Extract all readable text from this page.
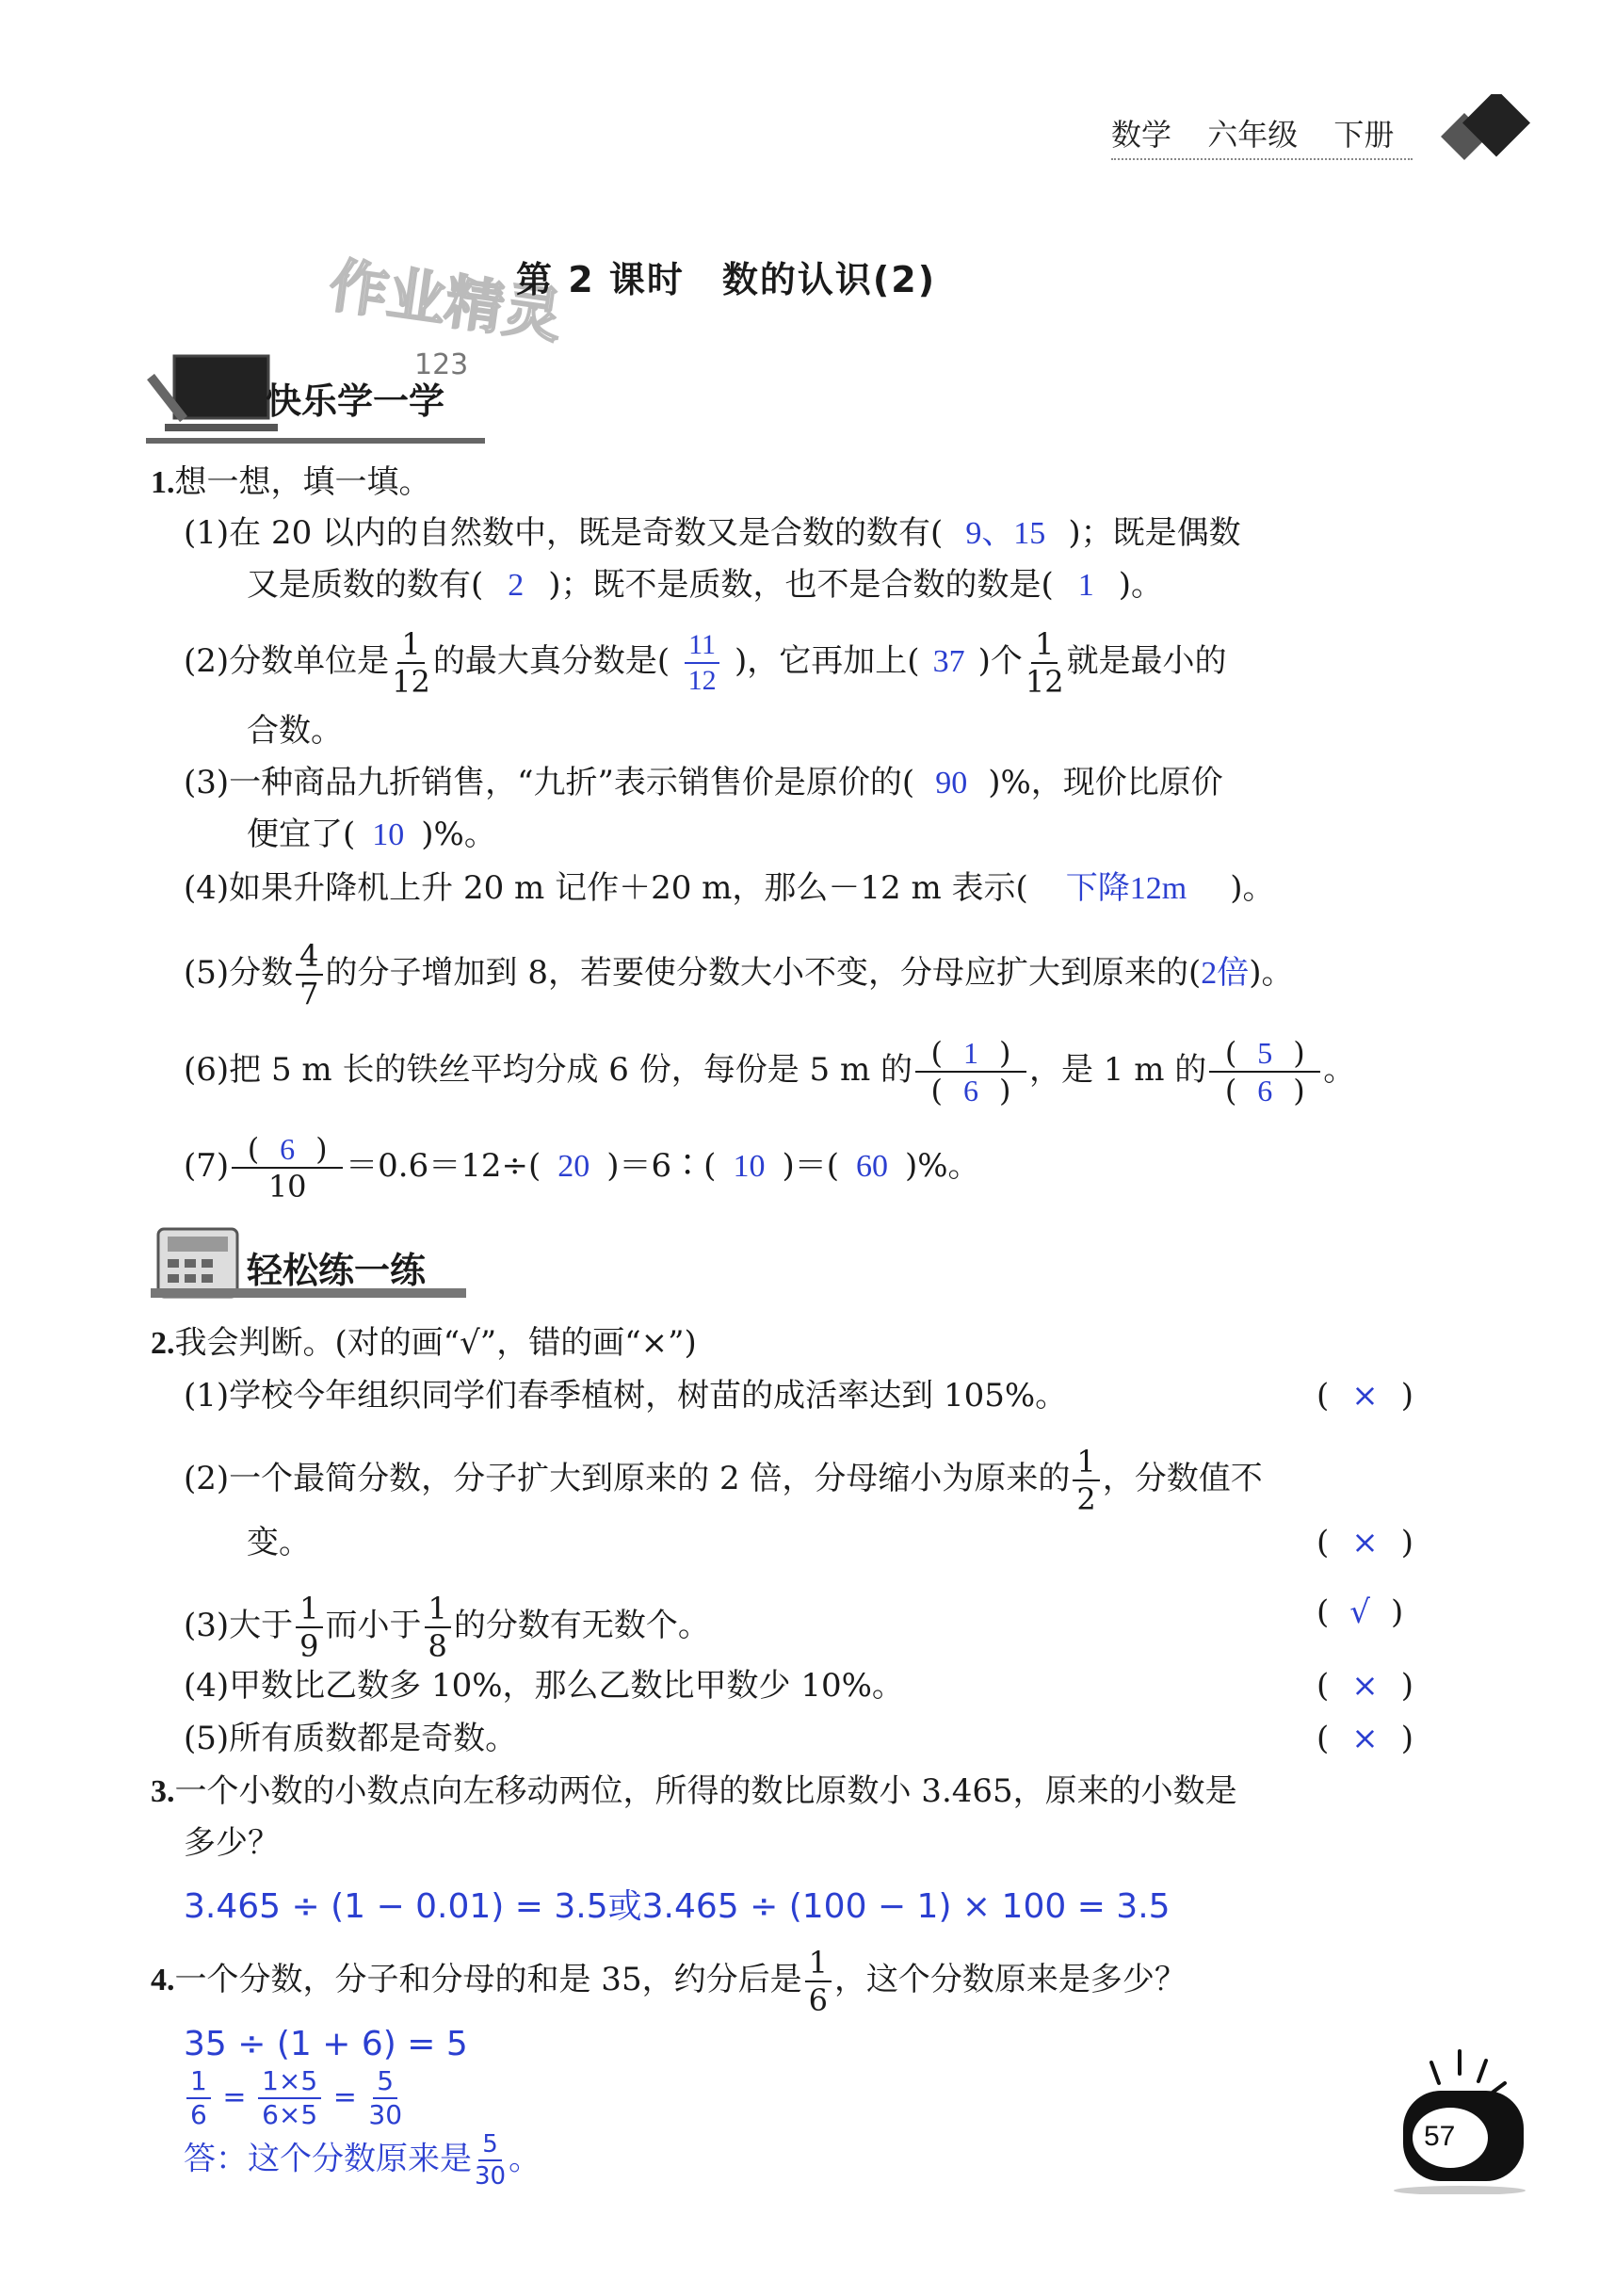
数学 六年级 下册
作业精灵
第 2 课时　数的认识(2)
快乐学一学
123
1.想一想，填一填。
(1)在 20 以内的自然数中，既是奇数又是合数的数有( 9、15 )；既是偶数
又是质数的数有( 2 )；既不是质数，也不是合数的数是( 1 )。
(2)分数单位是 $\frac{1}{12}$ 的最大真分数是( $\frac{11}{12}$ )，它再加上( 37 )个 $\frac{1}{12}$ 就是最小的
合数。
(3)一种商品九折销售，“九折”表示销售价是原价的( 90 )%，现价比原价
便宜了( 10 )%。
(4)如果升降机上升 20 m 记作＋20 m，那么－12 m 表示( 下降12m )。
(5)分数 $\frac{4}{7}$ 的分子增加到 8，若要使分数大小不变，分母应扩大到原来的(2倍)。
(6)把 5 m 长的铁丝平均分成 6 份，每份是 5 m 的 $\frac{( 1 )}{( 6 )}$ ，是 1 m 的 $\frac{( 5 )}{( 6 )}$ 。
$(7) \frac{( 6 )}{10} =0.6=12\div$( 20 )＝6∶( 10 )＝( 60 )%。
轻松练一练
2.我会判断。(对的画“√”，错的画“×”)
(1)学校今年组织同学们春季植树，树苗的成活率达到 105%。	( × )
(2)一个最简分数，分子扩大到原来的 2 倍，分母缩小为原来的 $\frac{1}{2}$ ，分数值不
变。	( × )
(3)大于 $\frac{1}{9}$ 而小于 $\frac{1}{8}$ 的分数有无数个。	( √ )
(4)甲数比乙数多 10%，那么乙数比甲数少 10%。	( × )
(5)所有质数都是奇数。	( × )
3.一个小数的小数点向左移动两位，所得的数比原数小 3.465，原来的小数是
多少？
3.465 ÷ (1 − 0.01) = 3.5或3.465 ÷ (100 − 1) × 100 = 3.5
4.一个分数，分子和分母的和是 35，约分后是 $\frac{1}{6}$ ，这个分数原来是多少？
35 ÷ (1 + 6) = 5
$\frac{1}{6} = \frac{1\times 5}{6\times 5} = \frac{5}{30}$
答：这个分数原来是 $\frac{5}{30}$ 。
57
